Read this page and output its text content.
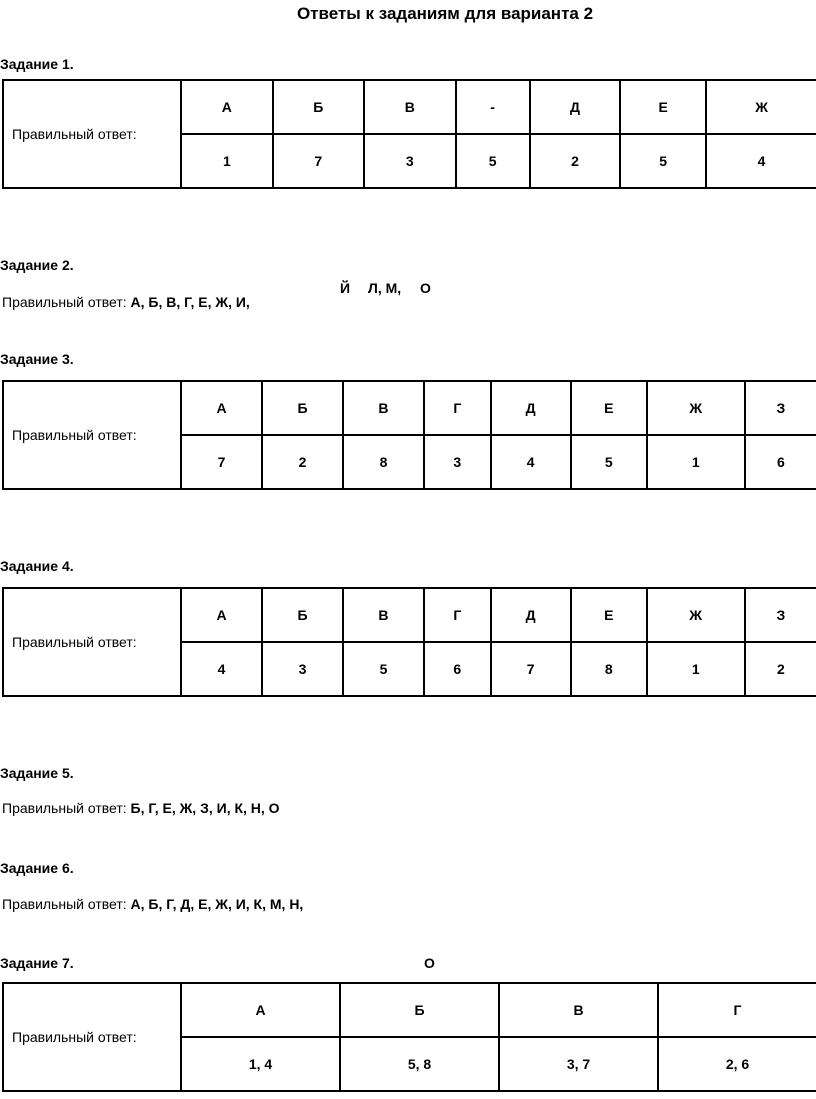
Ответы к заданиям для варианта 2
Задание 1.
Правильный ответ:	А	Б	В	-	Д	Е	Ж
	1	7	3	5	2	5	4
Задание 2.
Правильный ответ: А, Б, В, Г, Е, Ж, И,
Й Л, М, О
Задание 3.
Правильный ответ:	А	Б	В	Г	Д	Е	Ж	З
	7	2	8	3	4	5	1	6
Задание 4.
Правильный ответ:	А	Б	В	Г	Д	Е	Ж	З
	4	3	5	6	7	8	1	2
Задание 5.
Правильный ответ: Б, Г, Е, Ж, З, И, К, Н, О
Задание 6.
Правильный ответ: А, Б, Г, Д, Е, Ж, И, К, М, Н,
Задание 7.	О
Правильный ответ:	А	Б	В	Г
	1, 4	5, 8	3, 7	2, 6
